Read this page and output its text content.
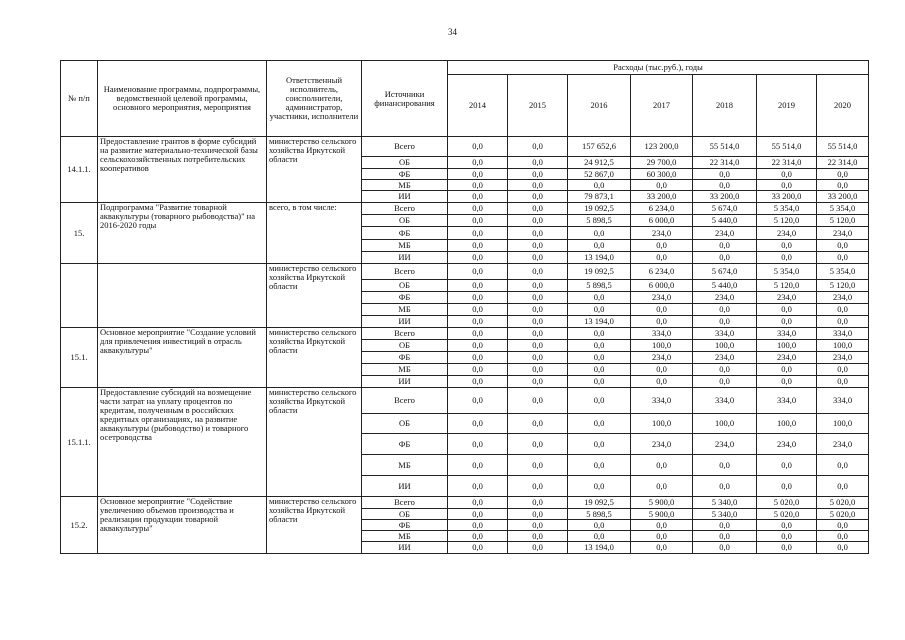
34
№ п/п	Наименование программы, подпрограммы, ведомственной целевой программы, основного мероприятия, мероприятия	Ответственный исполнитель, соисполнители, администратор, участники, исполнители	Источники финансирования	Расходы (тыс.руб.), годы						
				2014	2015	2016	2017	2018	2019	2020
14.1.1.	Предоставление грантов в форме субсидий на развитие материально-технической базы сельскохозяйственных потребительских кооперативов	министерство сельского хозяйства Иркутской области	Всего	0,0	0,0	157 652,6	123 200,0	55 514,0	55 514,0	55 514,0
			ОБ	0,0	0,0	24 912,5	29 700,0	22 314,0	22 314,0	22 314,0
			ФБ	0,0	0,0	52 867,0	60 300,0	0,0	0,0	0,0
			МБ	0,0	0,0	0,0	0,0	0,0	0,0	0,0
			ИИ	0,0	0,0	79 873,1	33 200,0	33 200,0	33 200,0	33 200,0
15.	Подпрограмма "Развитие товарной аквакультуры (товарного рыбоводства)" на 2016-2020 годы	всего, в том числе:	Всего	0,0	0,0	19 092,5	6 234,0	5 674,0	5 354,0	5 354,0
			ОБ	0,0	0,0	5 898,5	6 000,0	5 440,0	5 120,0	5 120,0
			ФБ	0,0	0,0	0,0	234,0	234,0	234,0	234,0
			МБ	0,0	0,0	0,0	0,0	0,0	0,0	0,0
			ИИ	0,0	0,0	13 194,0	0,0	0,0	0,0	0,0
		министерство сельского хозяйства Иркутской области	Всего	0,0	0,0	19 092,5	6 234,0	5 674,0	5 354,0	5 354,0
			ОБ	0,0	0,0	5 898,5	6 000,0	5 440,0	5 120,0	5 120,0
			ФБ	0,0	0,0	0,0	234,0	234,0	234,0	234,0
			МБ	0,0	0,0	0,0	0,0	0,0	0,0	0,0
			ИИ	0,0	0,0	13 194,0	0,0	0,0	0,0	0,0
15.1.	Основное мероприятие "Создание условий для привлечения инвестиций в отрасль аквакультуры"	министерство сельского хозяйства Иркутской области	Всего	0,0	0,0	0,0	334,0	334,0	334,0	334,0
			ОБ	0,0	0,0	0,0	100,0	100,0	100,0	100,0
			ФБ	0,0	0,0	0,0	234,0	234,0	234,0	234,0
			МБ	0,0	0,0	0,0	0,0	0,0	0,0	0,0
			ИИ	0,0	0,0	0,0	0,0	0,0	0,0	0,0
15.1.1.	Предоставление субсидий на возмещение части затрат на уплату процентов по кредитам, полученным в российских кредитных организациях, на развитие аквакультуры (рыбоводство) и товарного осетроводства	министерство сельского хозяйства Иркутской области	Всего	0,0	0,0	0,0	334,0	334,0	334,0	334,0
			ОБ	0,0	0,0	0,0	100,0	100,0	100,0	100,0
			ФБ	0,0	0,0	0,0	234,0	234,0	234,0	234,0
			МБ	0,0	0,0	0,0	0,0	0,0	0,0	0,0
			ИИ	0,0	0,0	0,0	0,0	0,0	0,0	0,0
15.2.	Основное мероприятие "Содействие увеличению объемов производства и реализации продукции товарной аквакультуры"	министерство сельского хозяйства Иркутской области	Всего	0,0	0,0	19 092,5	5 900,0	5 340,0	5 020,0	5 020,0
			ОБ	0,0	0,0	5 898,5	5 900,0	5 340,0	5 020,0	5 020,0
			ФБ	0,0	0,0	0,0	0,0	0,0	0,0	0,0
			МБ	0,0	0,0	0,0	0,0	0,0	0,0	0,0
			ИИ	0,0	0,0	13 194,0	0,0	0,0	0,0	0,0
